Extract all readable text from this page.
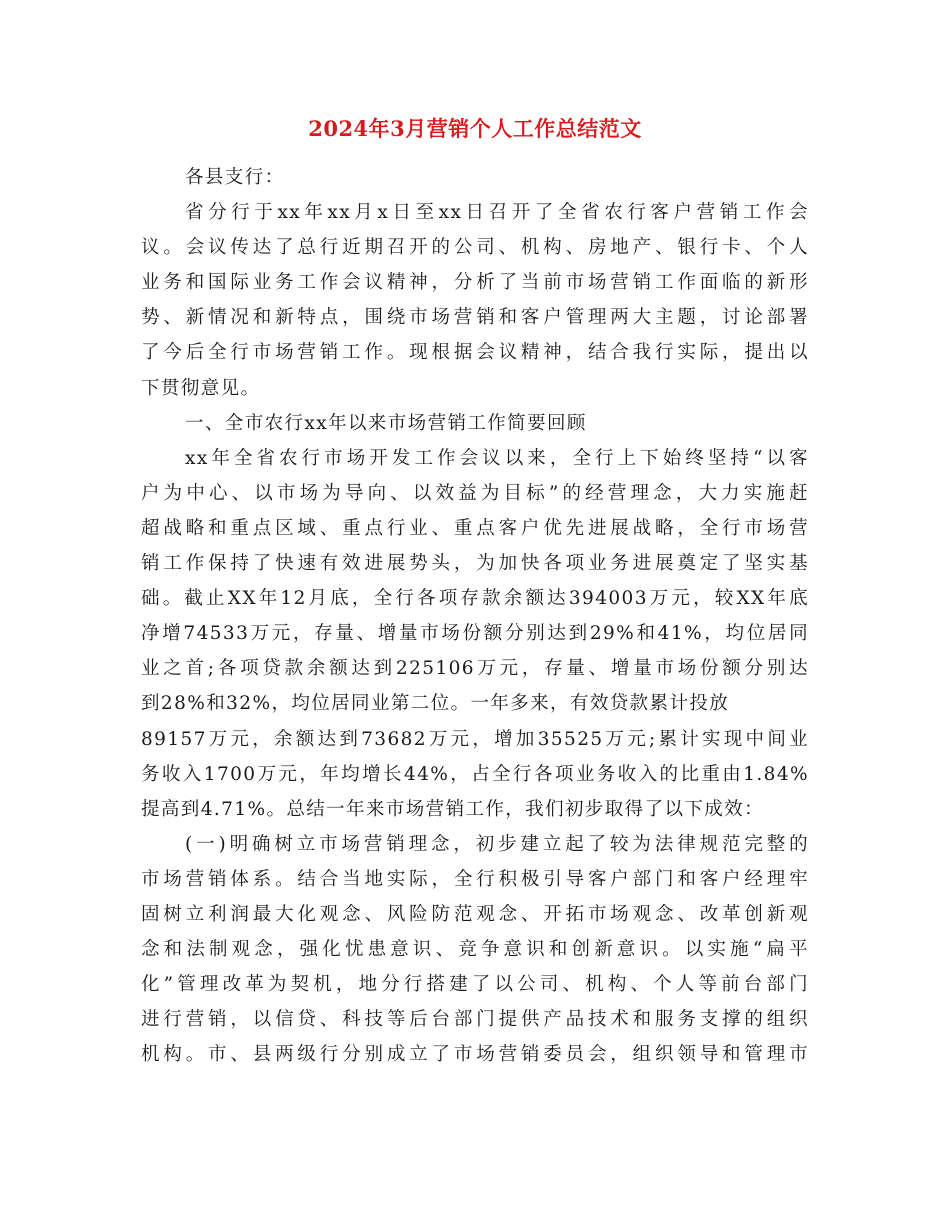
2024年3月营销个人工作总结范文
各县支行：
省分行于xx年xx月x日至xx日召开了全省农行客户营销工作会
议。会议传达了总行近期召开的公司、机构、房地产、银行卡、个人
业务和国际业务工作会议精神，分析了当前市场营销工作面临的新形
势、新情况和新特点，围绕市场营销和客户管理两大主题，讨论部署
了今后全行市场营销工作。现根据会议精神，结合我行实际，提出以
下贯彻意见。
一、全市农行xx年以来市场营销工作简要回顾
xx年全省农行市场开发工作会议以来，全行上下始终坚持“以客
户为中心、以市场为导向、以效益为目标”的经营理念，大力实施赶
超战略和重点区域、重点行业、重点客户优先进展战略，全行市场营
销工作保持了快速有效进展势头，为加快各项业务进展奠定了坚实基
础。截止XX年12月底，全行各项存款余额达394003万元，较XX年底
净增74533万元，存量、增量市场份额分别达到29%和41%，均位居同
业之首;各项贷款余额达到225106万元，存量、增量市场份额分别达
到28%和32%，均位居同业第二位。一年多来，有效贷款累计投放
89157万元，余额达到73682万元，增加35525万元;累计实现中间业
务收入1700万元，年均增长44%，占全行各项业务收入的比重由1.84%
提高到4.71%。总结一年来市场营销工作，我们初步取得了以下成效：
(一)明确树立市场营销理念，初步建立起了较为法律规范完整的
市场营销体系。结合当地实际，全行积极引导客户部门和客户经理牢
固树立利润最大化观念、风险防范观念、开拓市场观念、改革创新观
念和法制观念，强化忧患意识、竞争意识和创新意识。以实施“扁平
化”管理改革为契机，地分行搭建了以公司、机构、个人等前台部门
进行营销，以信贷、科技等后台部门提供产品技术和服务支撑的组织
机构。市、县两级行分别成立了市场营销委员会，组织领导和管理市
